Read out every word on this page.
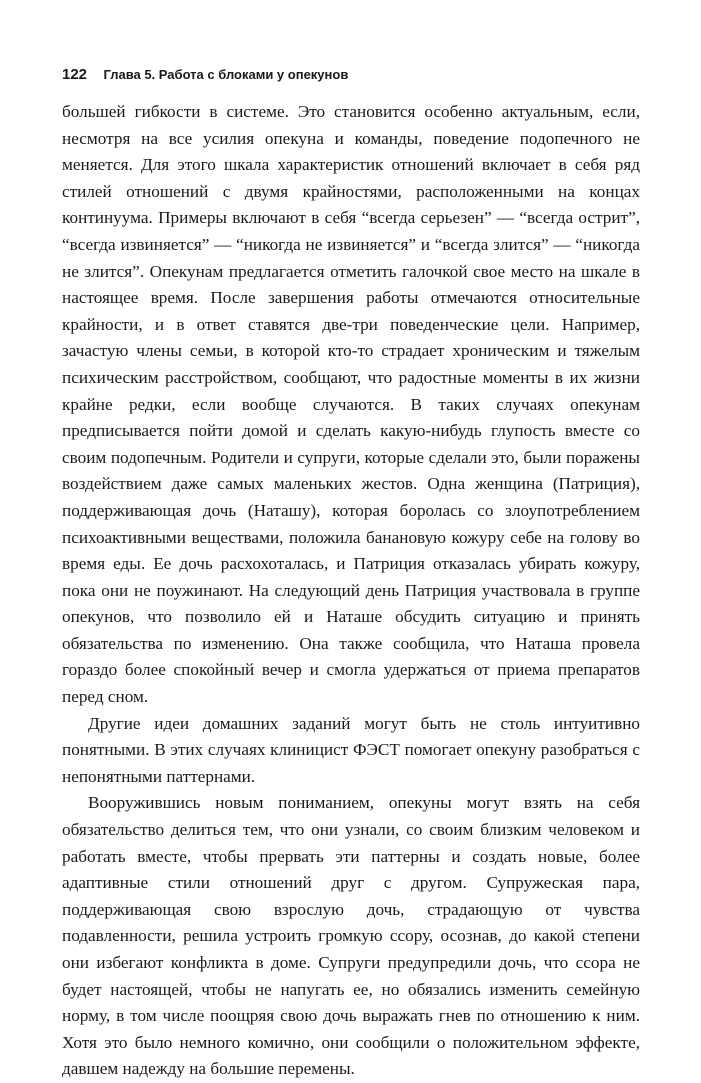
122 Глава 5. Работа с блоками у опекунов

большей гибкости в системе. Это становится особенно актуальным, если, несмотря на все усилия опекуна и команды, поведение подопечного не меняется. Для этого шкала характеристик отношений включает в себя ряд стилей отношений с двумя крайностями, расположенными на концах континуума. Примеры включают в себя “всегда серьезен” — “всегда острит”, “всегда извиняется” — “никогда не извиняется” и “всегда злится” — “никогда не злится”. Опекунам предлагается отметить галочкой свое место на шкале в настоящее время. После завершения работы отмечаются относительные крайности, и в ответ ставятся две-три поведенческие цели. Например, зачастую члены семьи, в которой кто-то страдает хроническим и тяжелым психическим расстройством, сообщают, что радостные моменты в их жизни крайне редки, если вообще случаются. В таких случаях опекунам предписывается пойти домой и сделать какую-нибудь глупость вместе со своим подопечным. Родители и супруги, которые сделали это, были поражены воздействием даже самых маленьких жестов. Одна женщина (Патриция), поддерживающая дочь (Наташу), которая боролась со злоупотреблением психоактивными веществами, положила банановую кожуру себе на голову во время еды. Ее дочь расхохоталась, и Патриция отказалась убирать кожуру, пока они не поужинают. На следующий день Патриция участвовала в группе опекунов, что позволило ей и Наташе обсудить ситуацию и принять обязательства по изменению. Она также сообщила, что Наташа провела гораздо более спокойный вечер и смогла удержаться от приема препаратов перед сном.

Другие идеи домашних заданий могут быть не столь интуитивно понятными. В этих случаях клиницист ФЭСТ помогает опекуну разобраться с непонятными паттернами.

Вооружившись новым пониманием, опекуны могут взять на себя обязательство делиться тем, что они узнали, со своим близким человеком и работать вместе, чтобы прервать эти паттерны и создать новые, более адаптивные стили отношений друг с другом. Супружеская пара, поддерживающая свою взрослую дочь, страдающую от чувства подавленности, решила устроить громкую ссору, осознав, до какой степени они избегают конфликта в доме. Супруги предупредили дочь, что ссора не будет настоящей, чтобы не напугать ее, но обязались изменить семейную норму, в том числе поощряя свою дочь выражать гнев по отношению к ним. Хотя это было немного комично, они сообщили о положительном эффекте, давшем надежду на большие перемены.
